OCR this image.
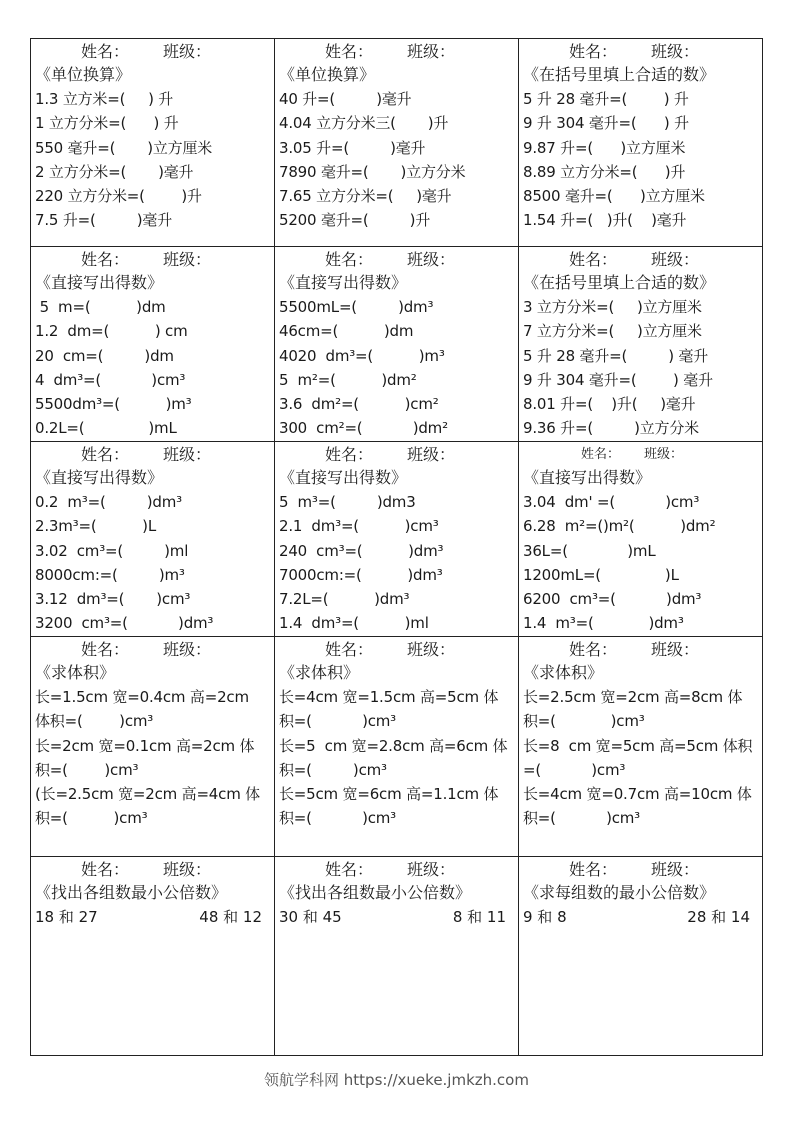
姓名： 班级：
《单位换算》
1.3 立方米=(     ) 升
1 立方分米=(      ) 升
550 毫升=(       )立方厘米
2 立方分米=(       )毫升
220 立方分米=(        )升
7.5 升=(         )毫升
姓名： 班级：
《单位换算》
40 升=(         )毫升
4.04 立方分米三(       )升
3.05 升=(         )毫升
7890 毫升=(       )立方分米
7.65 立方分米=(     )毫升
5200 毫升=(         )升
姓名： 班级：
《在括号里填上合适的数》
5 升 28 毫升=(        ) 升
9 升 304 毫升=(      ) 升
9.87 升=(      )立方厘米
8.89 立方分米=(      )升
8500 毫升=(      )立方厘米
1.54 升=(   )升(    )毫升
姓名： 班级：
《直接写出得数》
5  m=(          )dm
1.2  dm=(          ) cm
20  cm=(         )dm
4  dm³=(           )cm³
5500dm³=(          )m³
0.2L=(              )mL
姓名： 班级：
《直接写出得数》
5500mL=(         )dm³
46cm=(          )dm
4020  dm³=(          )m³
5  m²=(          )dm²
3.6  dm²=(          )cm²
300  cm²=(           )dm²
姓名： 班级：
《在括号里填上合适的数》
3 立方分米=(     )立方厘米
7 立方分米=(     )立方厘米
5 升 28 毫升=(         ) 毫升
9 升 304 毫升=(        ) 毫升
8.01 升=(    )升(     )毫升
9.36 升=(         )立方分米
姓名： 班级：
《直接写出得数》
0.2  m³=(         )dm³
2.3m³=(          )L
3.02  cm³=(         )ml
8000cm:=(         )m³
3.12  dm³=(       )cm³
3200  cm³=(           )dm³
姓名： 班级：
《直接写出得数》
5  m³=(         )dm3
2.1  dm³=(          )cm³
240  cm³=(          )dm³
7000cm:=(          )dm³
7.2L=(          )dm³
1.4  dm³=(          )ml
姓名： 班级：
《直接写出得数》
3.04  dm' =(           )cm³
6.28  m²=()m²(          )dm²
36L=(             )mL
1200mL=(              )L
6200  cm³=(           )dm³
1.4  m³=(            )dm³
姓名： 班级：
《求体积》
长=1.5cm 宽=0.4cm 高=2cm
体积=(        )cm³
长=2cm 宽=0.1cm 高=2cm 体
积=(        )cm³
(长=2.5cm 宽=2cm 高=4cm 体
积=(          )cm³
姓名： 班级：
《求体积》
长=4cm 宽=1.5cm 高=5cm 体
积=(           )cm³
长=5  cm 宽=2.8cm 高=6cm 体
积=(         )cm³
长=5cm 宽=6cm 高=1.1cm 体
积=(           )cm³
姓名： 班级：
《求体积》
长=2.5cm 宽=2cm 高=8cm 体
积=(            )cm³
长=8  cm 宽=5cm 高=5cm 体积
=(           )cm³
长=4cm 宽=0.7cm 高=10cm 体
积=(           )cm³
姓名： 班级：
《找出各组数最小公倍数》
18 和 27	48 和 12
姓名： 班级：
《找出各组数最小公倍数》
30 和 45	8 和 11
姓名： 班级：
《求每组数的最小公倍数》
9 和 8	28 和 14
领航学科网 https://xueke.jmkzh.com
